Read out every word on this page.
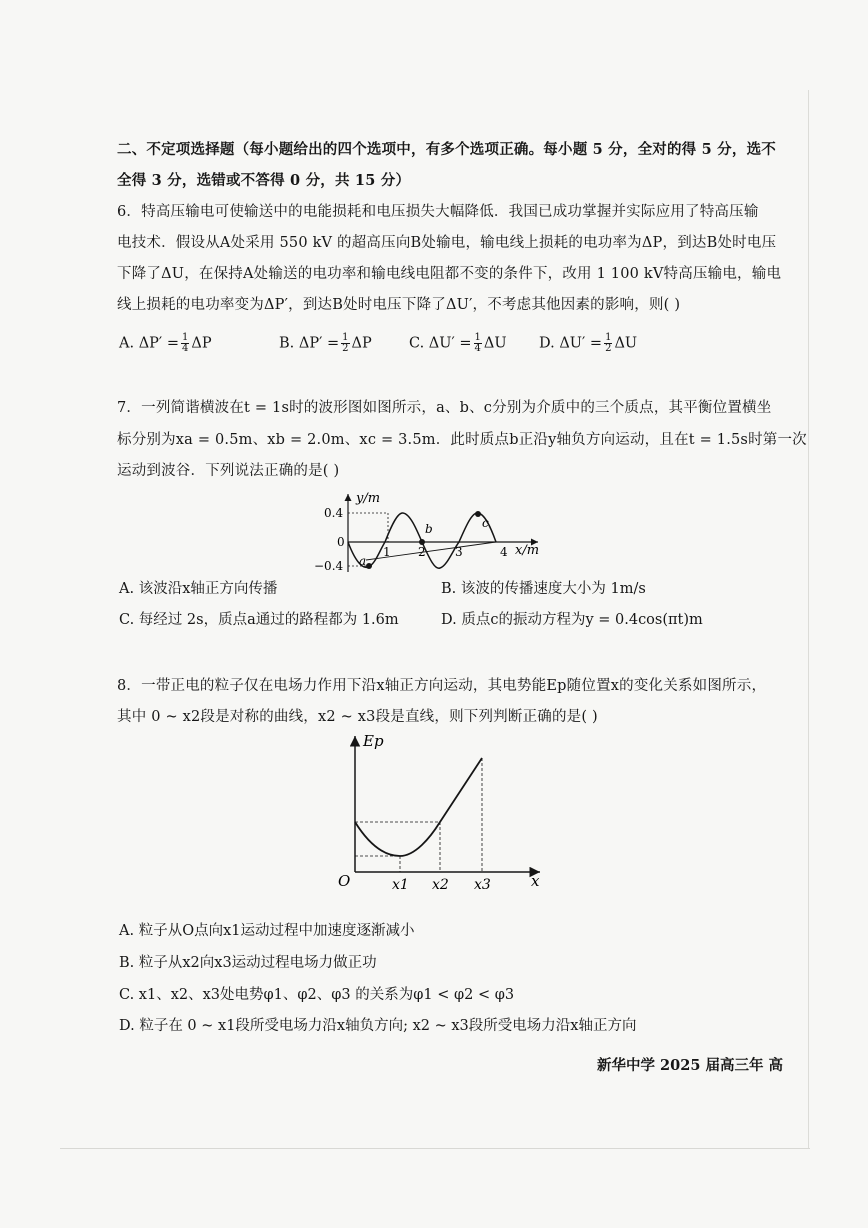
二、不定项选择题（每小题给出的四个选项中，有多个选项正确。每小题 5 分，全对的得 5 分，选不
全得 3 分，选错或不答得 0 分，共 15 分）
6．特高压输电可使输送中的电能损耗和电压损失大幅降低．我国已成功掌握并实际应用了特高压输
电技术．假设从A处采用 550 kV 的超高压向B处输电，输电线上损耗的电功率为ΔP，到达B处时电压
下降了ΔU，在保持A处输送的电功率和输电线电阻都不变的条件下，改用 1 100 kV特高压输电，输电
线上损耗的电功率变为ΔP′，到达B处时电压下降了ΔU′，不考虑其他因素的影响，则( )
A. $\Delta P' = \frac{1}{4}$ ΔP	B. $\Delta P' = \frac{1}{2}$ ΔP	C. $\Delta U' = \frac{1}{4}$ ΔU D. $\Delta U' = \frac{1}{2}$ ΔU
7．一列简谐横波在t = 1s时的波形图如图所示，a、b、c分别为介质中的三个质点，其平衡位置横坐
标分别为xa = 0.5m、xb = 2.0m、xc = 3.5m．此时质点b正沿y轴负方向运动，且在t = 1.5s时第一次
运动到波谷．下列说法正确的是( )
y/m
0.4
−0.4
0
1 2 3	4 x/m
a
b	c
A. 该波沿x轴正方向传播	B. 该波的传播速度大小为 1m/s
C. 每经过 2s，质点a通过的路程都为 1.6m	D. 质点c的振动方程为y = 0.4cos(πt)m
8．一带正电的粒子仅在电场力作用下沿x轴正方向运动，其电势能Ep随位置x的变化关系如图所示，
其中 0 ~ x2段是对称的曲线，x2 ~ x3段是直线，则下列判断正确的是( )
Ep
O	x1 x2 x3	x
A. 粒子从O点向x1运动过程中加速度逐渐减小
B. 粒子从x2向x3运动过程电场力做正功
C. x1、x2、x3处电势φ1、φ2、φ3 的关系为φ1 < φ2 < φ3
D. 粒子在 0 ~ x1段所受电场力沿x轴负方向; x2 ~ x3段所受电场力沿x轴正方向
新华中学 2025 届高三年 高
